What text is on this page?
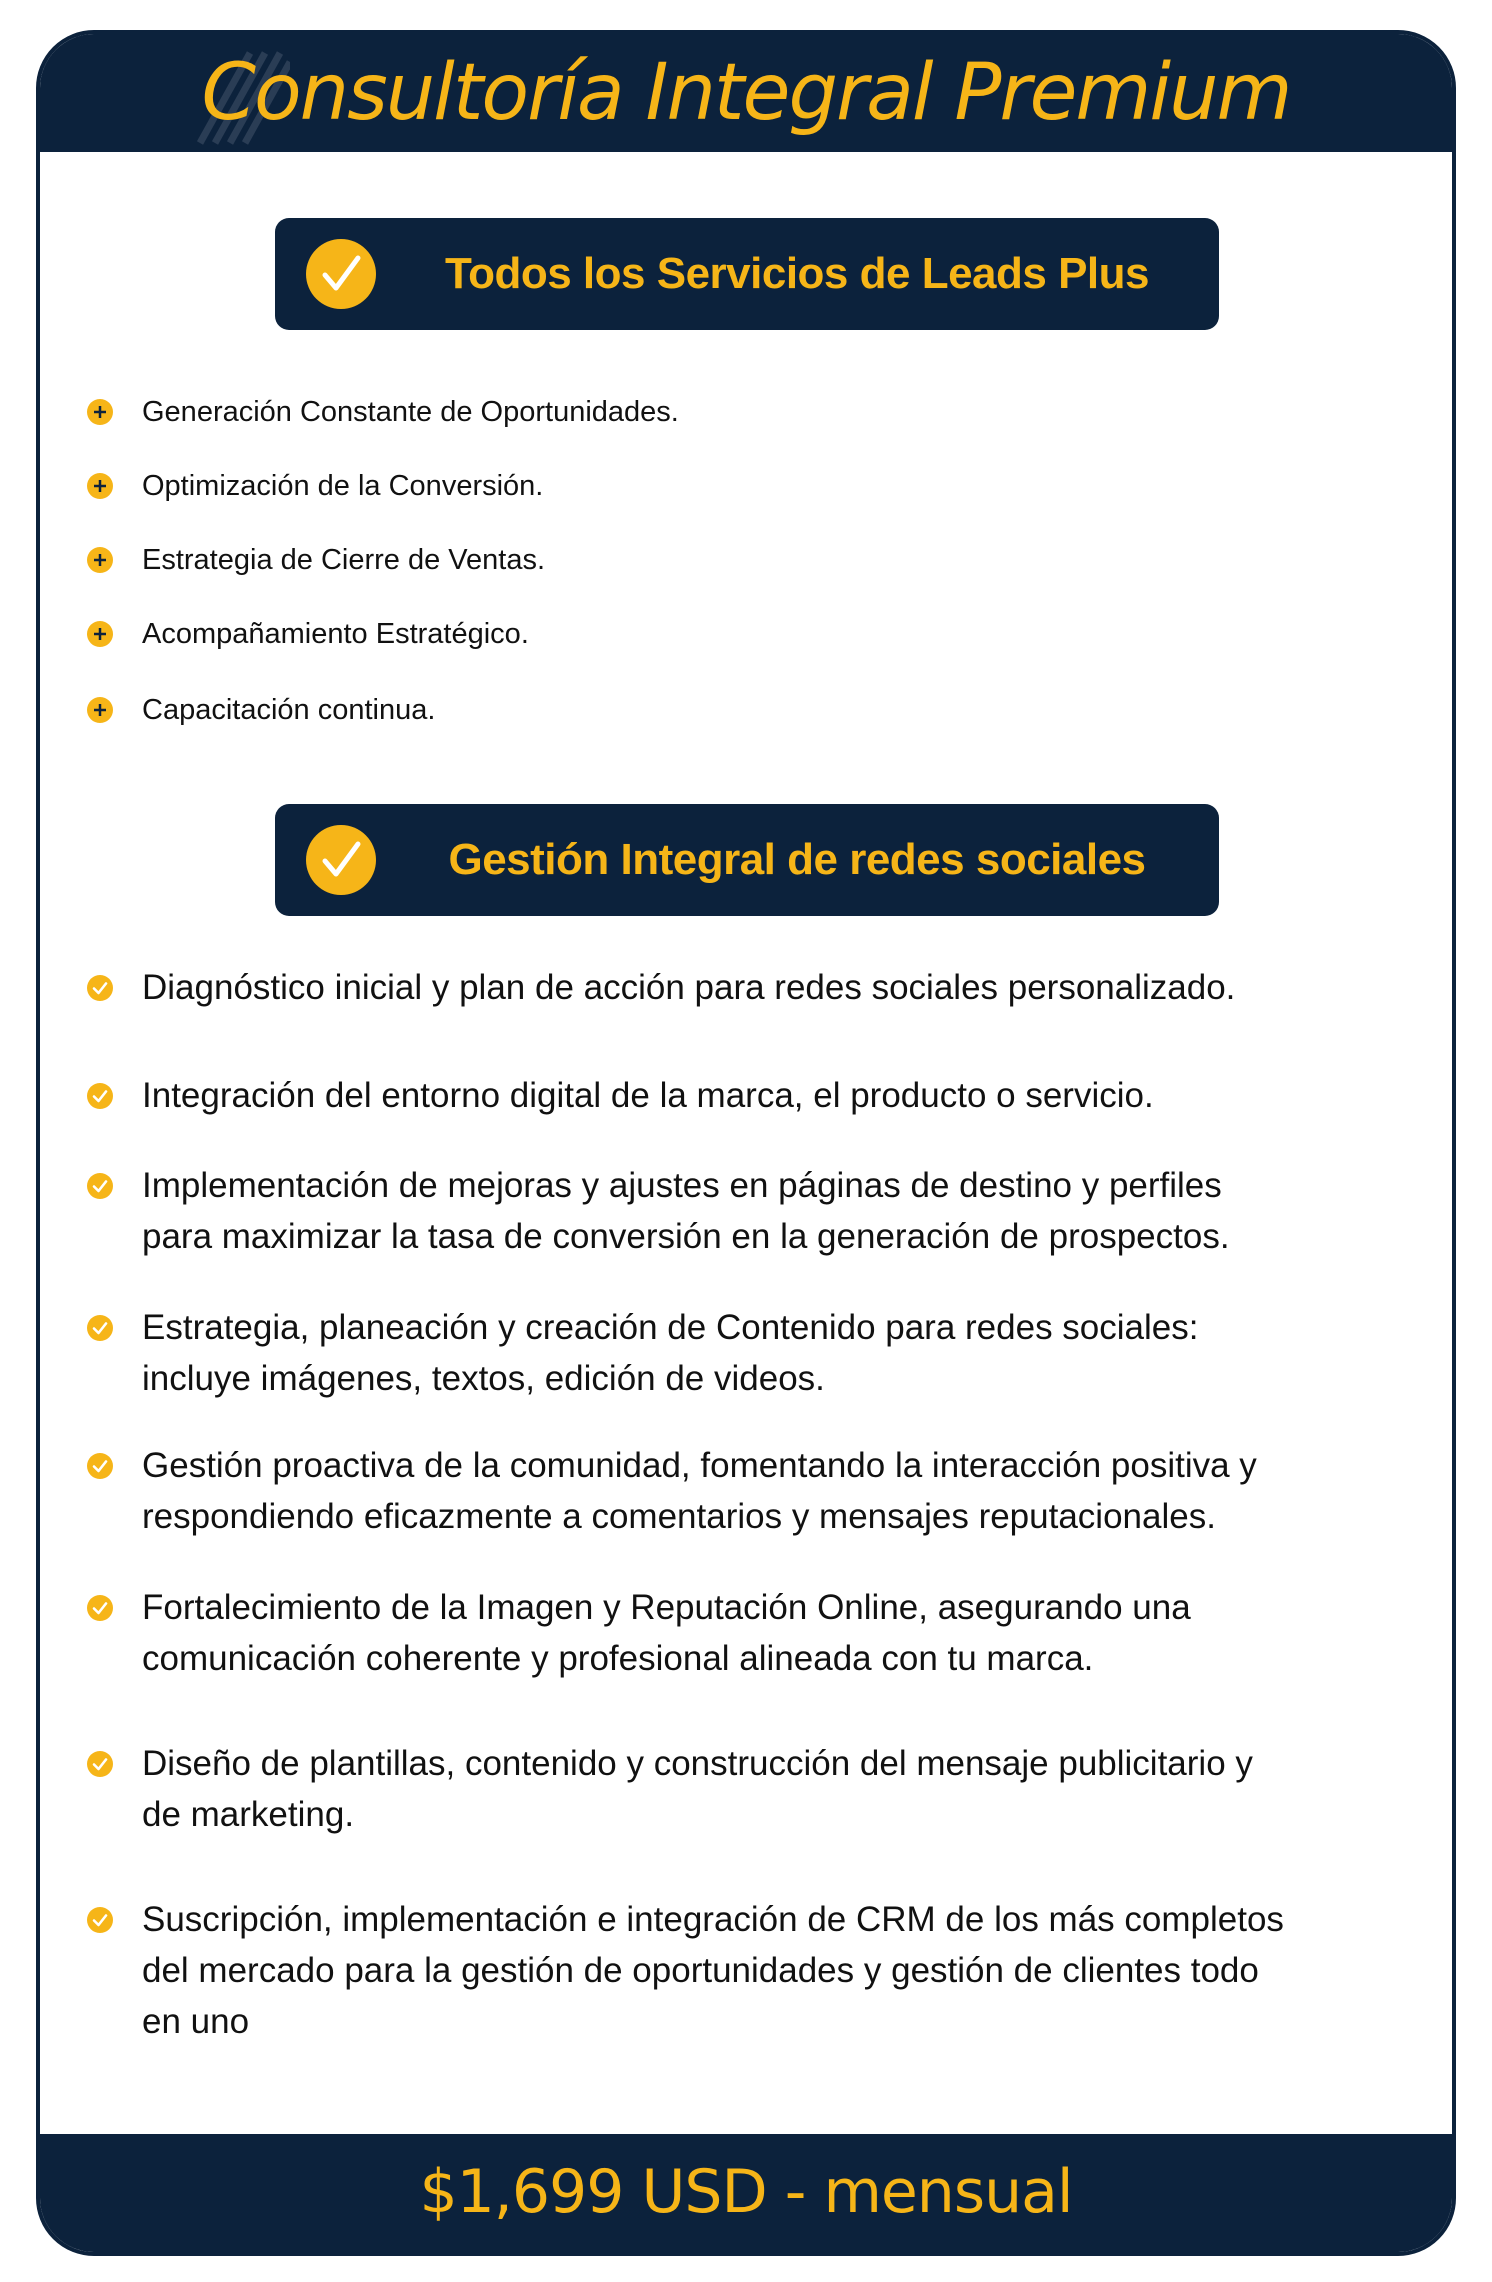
Consultoría Integral Premium
Todos los Servicios de Leads Plus
Generación Constante de Oportunidades.
Optimización de la Conversión.
Estrategia de Cierre de Ventas.
Acompañamiento Estratégico.
Capacitación continua.
Gestión Integral de redes sociales
Diagnóstico inicial y plan de acción para redes sociales personalizado.
Integración del entorno digital de la marca, el producto o servicio.
Implementación de mejoras y ajustes en páginas de destino y perfiles
para maximizar la tasa de conversión en la generación de prospectos.
Estrategia, planeación y creación de Contenido para redes sociales:
incluye imágenes, textos, edición de videos.
Gestión proactiva de la comunidad, fomentando la interacción positiva y
respondiendo eficazmente a comentarios y mensajes reputacionales.
Fortalecimiento de la Imagen y Reputación Online, asegurando una
comunicación coherente y profesional alineada con tu marca.
Diseño de plantillas, contenido y construcción del mensaje publicitario y
de marketing.
Suscripción, implementación e integración de CRM de los más completos
del mercado para la gestión de oportunidades y gestión de clientes todo
en uno
$1,699 USD - mensual
